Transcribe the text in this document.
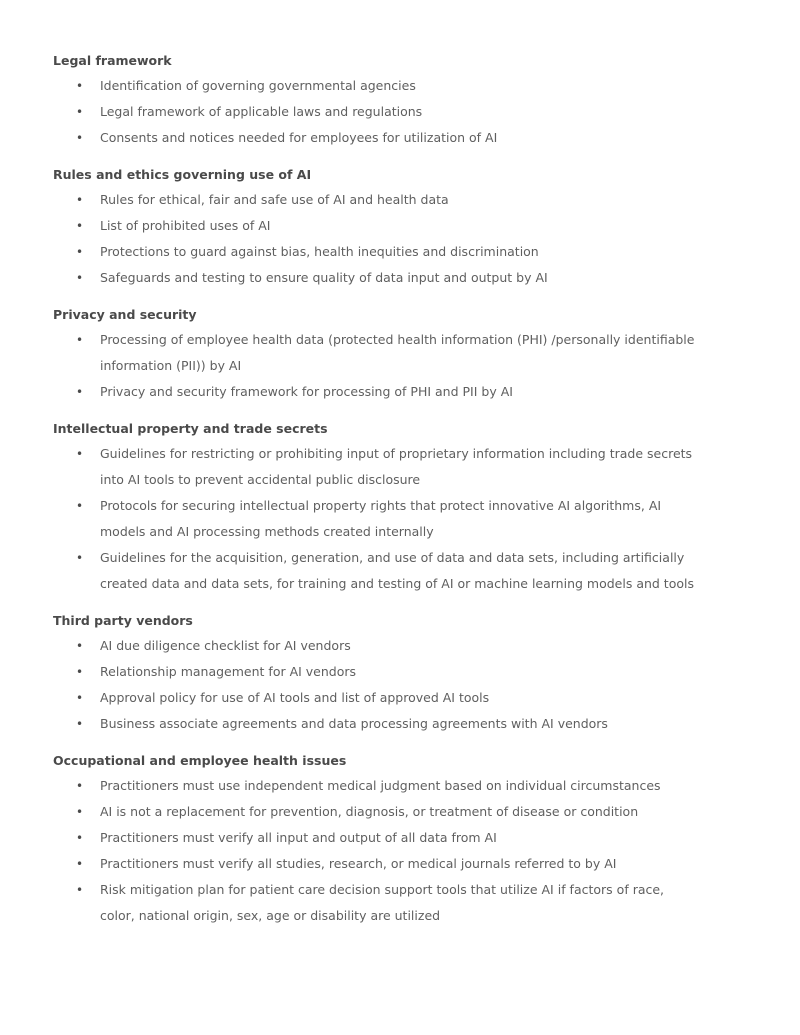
Legal framework
• Identification of governing governmental agencies
• Legal framework of applicable laws and regulations
• Consents and notices needed for employees for utilization of AI
Rules and ethics governing use of AI
• Rules for ethical, fair and safe use of AI and health data
• List of prohibited uses of AI
• Protections to guard against bias, health inequities and discrimination
• Safeguards and testing to ensure quality of data input and output by AI
Privacy and security
• Processing of employee health data (protected health information (PHI) /personally identifiable information (PII)) by AI
• Privacy and security framework for processing of PHI and PII by AI
Intellectual property and trade secrets
• Guidelines for restricting or prohibiting input of proprietary information including trade secrets into AI tools to prevent accidental public disclosure
• Protocols for securing intellectual property rights that protect innovative AI algorithms, AI models and AI processing methods created internally
• Guidelines for the acquisition, generation, and use of data and data sets, including artificially created data and data sets, for training and testing of AI or machine learning models and tools
Third party vendors
• AI due diligence checklist for AI vendors
• Relationship management for AI vendors
• Approval policy for use of AI tools and list of approved AI tools
• Business associate agreements and data processing agreements with AI vendors
Occupational and employee health issues
• Practitioners must use independent medical judgment based on individual circumstances
• AI is not a replacement for prevention, diagnosis, or treatment of disease or condition
• Practitioners must verify all input and output of all data from AI
• Practitioners must verify all studies, research, or medical journals referred to by AI
• Risk mitigation plan for patient care decision support tools that utilize AI if factors of race, color, national origin, sex, age or disability are utilized
